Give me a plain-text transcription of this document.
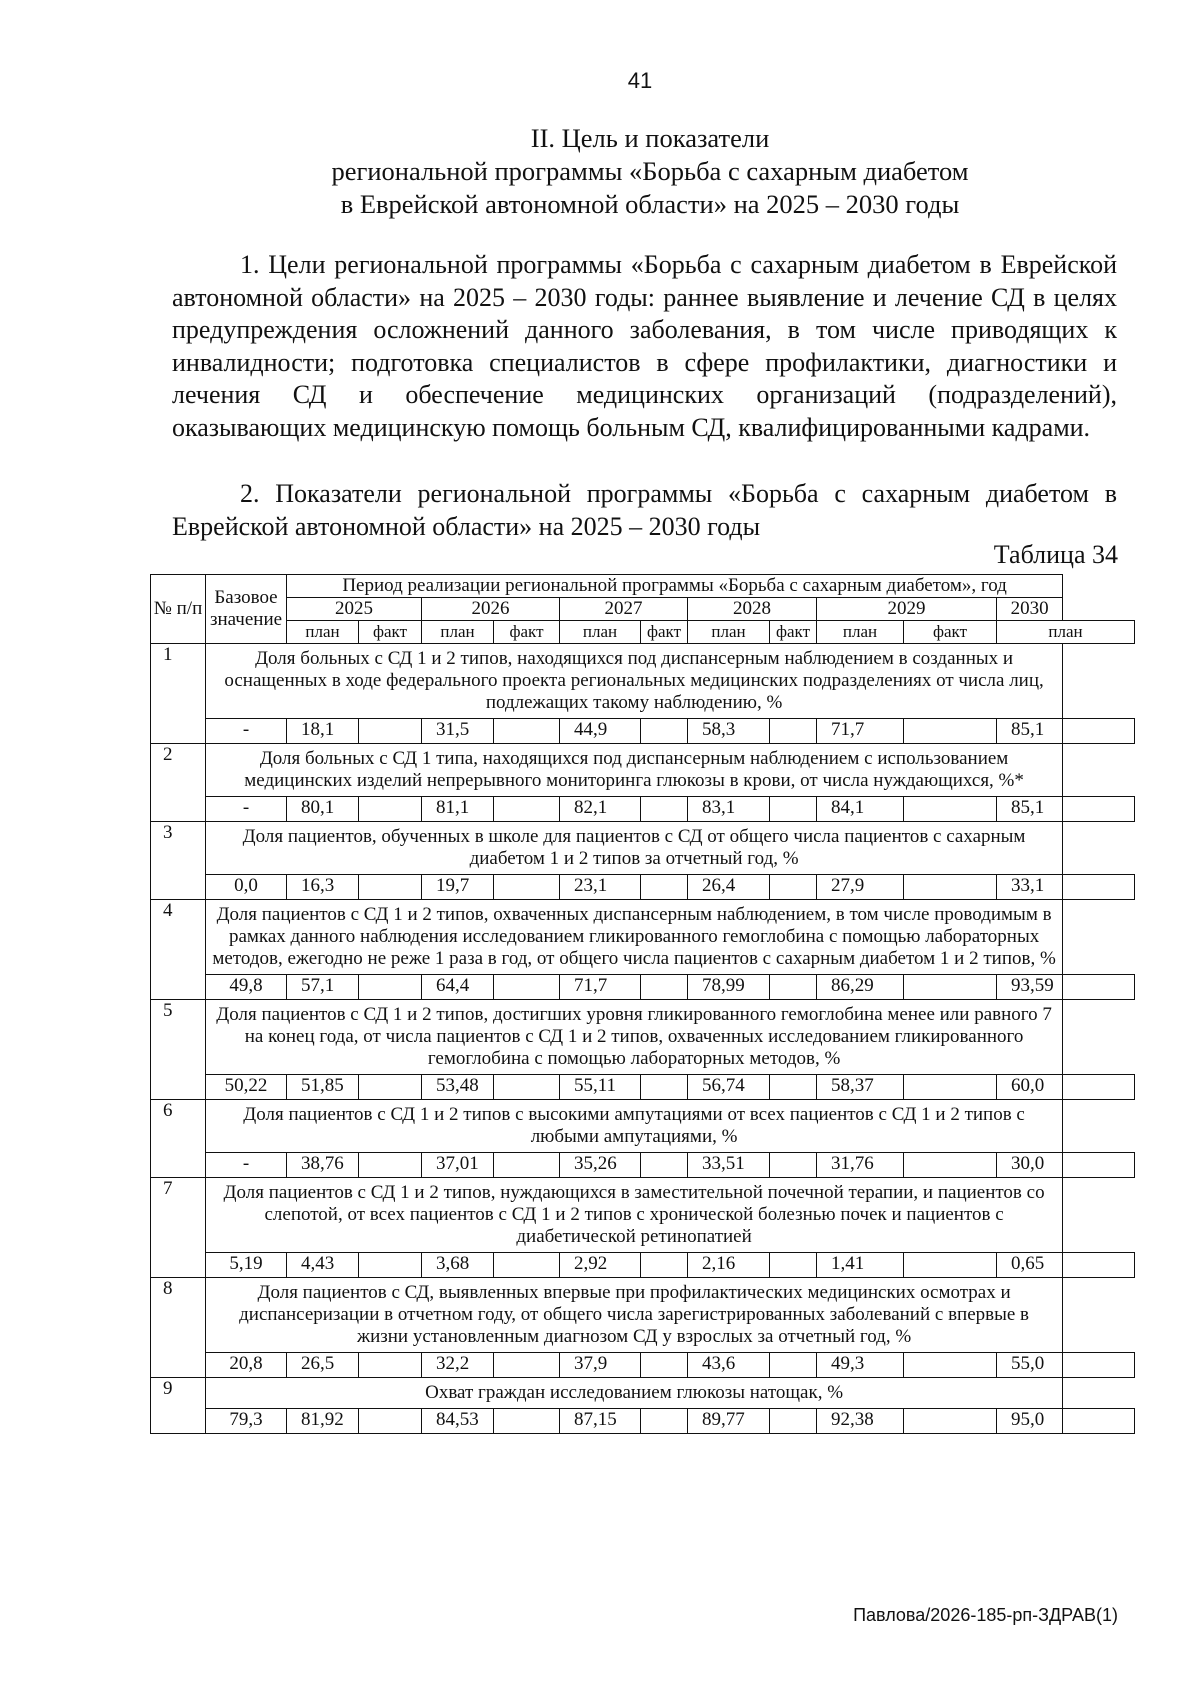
41
II. Цель и показатели
региональной программы «Борьба с сахарным диабетом
в Еврейской автономной области» на 2025 – 2030 годы
1. Цели региональной программы «Борьба с сахарным диабетом в Еврейской автономной области» на 2025 – 2030 годы: раннее выявление и лечение СД в целях предупреждения осложнений данного заболевания, в том числе приводящих к инвалидности; подготовка специалистов в сфере профилактики, диагностики и лечения СД и обеспечение медицинских организаций (подразделений), оказывающих медицинскую помощь больным СД, квалифицированными кадрами.
2. Показатели региональной программы «Борьба с сахарным диабетом в Еврейской автономной области» на 2025 – 2030 годы
Таблица 34
№ п/п	Базовое значение	Период реализации региональной программы «Борьба с сахарным диабетом», год											
		2025		2026		2027		2028		2029		2030	
		план	факт	план	факт	план	факт	план	факт	план	факт	план	
1	Доля больных с СД 1 и 2 типов, находящихся под диспансерным наблюдением в созданных и оснащенных в ходе федерального проекта региональных медицинских подразделениях от числа лиц, подлежащих такому наблюдению, %												
	-	18,1		31,5		44,9		58,3		71,7		85,1	
2	Доля больных с СД 1 типа, находящихся под диспансерным наблюдением с использованием медицинских изделий непрерывного мониторинга глюкозы в крови, от числа нуждающихся, %*												
	-	80,1		81,1		82,1		83,1		84,1		85,1	
3	Доля пациентов, обученных в школе для пациентов с СД от общего числа пациентов с сахарным диабетом 1 и 2 типов за отчетный год, %												
	0,0	16,3		19,7		23,1		26,4		27,9		33,1	
4	Доля пациентов с СД 1 и 2 типов, охваченных диспансерным наблюдением, в том числе проводимым в рамках данного наблюдения исследованием гликированного гемоглобина с помощью лабораторных методов, ежегодно не реже 1 раза в год, от общего числа пациентов с сахарным диабетом 1 и 2 типов, %												
	49,8	57,1		64,4		71,7		78,99		86,29		93,59	
5	Доля пациентов с СД 1 и 2 типов, достигших уровня гликированного гемоглобина менее или равного 7 на конец года, от числа пациентов с СД 1 и 2 типов, охваченных исследованием гликированного гемоглобина с помощью лабораторных методов, %												
	50,22	51,85		53,48		55,11		56,74		58,37		60,0	
6	Доля пациентов с СД 1 и 2 типов с высокими ампутациями от всех пациентов с СД 1 и 2 типов с любыми ампутациями, %												
	-	38,76		37,01		35,26		33,51		31,76		30,0	
7	Доля пациентов с СД 1 и 2 типов, нуждающихся в заместительной почечной терапии, и пациентов со слепотой, от всех пациентов с СД 1 и 2 типов с хронической болезнью почек и пациентов с диабетической ретинопатией												
	5,19	4,43		3,68		2,92		2,16		1,41		0,65	
8	Доля пациентов с СД, выявленных впервые при профилактических медицинских осмотрах и диспансеризации в отчетном году, от общего числа зарегистрированных заболеваний с впервые в жизни установленным диагнозом СД у взрослых за отчетный год, %												
	20,8	26,5		32,2		37,9		43,6		49,3		55,0	
9	Охват граждан исследованием глюкозы натощак, %												
	79,3	81,92		84,53		87,15		89,77		92,38		95,0	
Павлова/2026-185-рп-ЗДРАВ(1)
